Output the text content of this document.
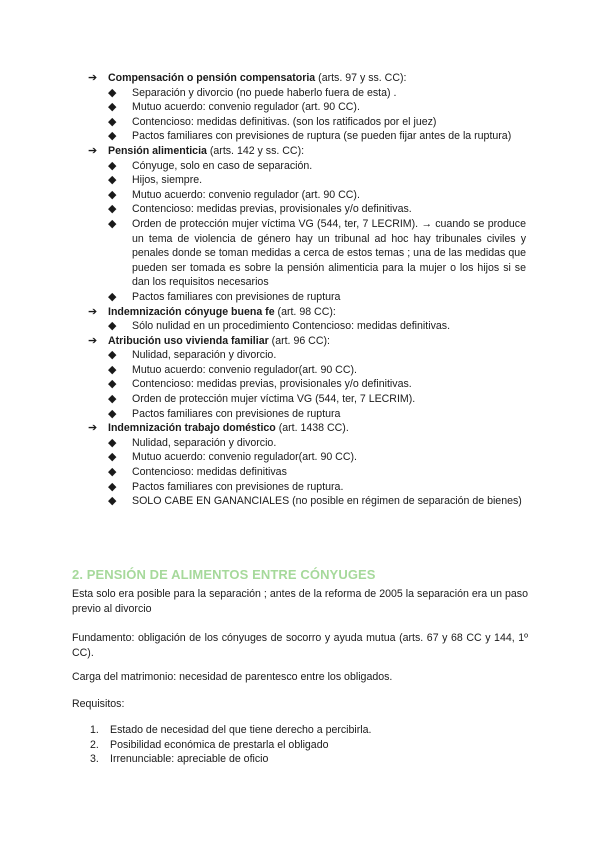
➔ Compensación o pensión compensatoria (arts. 97 y ss. CC):
◆ Separación y divorcio (no puede haberlo fuera de esta) .
◆ Mutuo acuerdo: convenio regulador (art. 90 CC).
◆ Contencioso: medidas definitivas. (son los ratificados por el juez)
◆ Pactos familiares con previsiones de ruptura (se pueden fijar antes de la ruptura)
➔ Pensión alimenticia (arts. 142 y ss. CC):
◆ Cónyuge, solo en caso de separación.
◆ Hijos, siempre.
◆ Mutuo acuerdo: convenio regulador (art. 90 CC).
◆ Contencioso: medidas previas, provisionales y/o definitivas.
◆ Orden de protección mujer víctima VG (544, ter, 7 LECRIM). → cuando se produce un tema de violencia de género hay un tribunal ad hoc hay tribunales civiles y penales donde se toman medidas a cerca de estos temas ; una de las medidas que pueden ser tomada es sobre la pensión alimenticia para la mujer o los hijos si se dan los requisitos necesarios
◆ Pactos familiares con previsiones de ruptura
➔ Indemnización cónyuge buena fe (art. 98 CC):
◆ Sólo nulidad en un procedimiento Contencioso: medidas definitivas.
➔ Atribución uso vivienda familiar (art. 96 CC):
◆ Nulidad, separación y divorcio.
◆ Mutuo acuerdo: convenio regulador(art. 90 CC).
◆ Contencioso: medidas previas, provisionales y/o definitivas.
◆ Orden de protección mujer víctima VG (544, ter, 7 LECRIM).
◆ Pactos familiares con previsiones de ruptura
➔ Indemnización trabajo doméstico (art. 1438 CC).
◆ Nulidad, separación y divorcio.
◆ Mutuo acuerdo: convenio regulador(art. 90 CC).
◆ Contencioso: medidas definitivas
◆ Pactos familiares con previsiones de ruptura.
◆ SOLO CABE EN GANANCIALES (no posible en régimen de separación de bienes)
2. PENSIÓN DE ALIMENTOS ENTRE CÓNYUGES
Esta solo era posible para la separación ; antes de la reforma de 2005 la separación era un paso previo al divorcio
Fundamento: obligación de los cónyuges de socorro y ayuda mutua (arts. 67 y 68 CC y 144, 1º CC).
Carga del matrimonio: necesidad de parentesco entre los obligados.
Requisitos:
1. Estado de necesidad del que tiene derecho a percibirla.
2. Posibilidad económica de prestarla el obligado
3. Irrenunciable: apreciable de oficio
